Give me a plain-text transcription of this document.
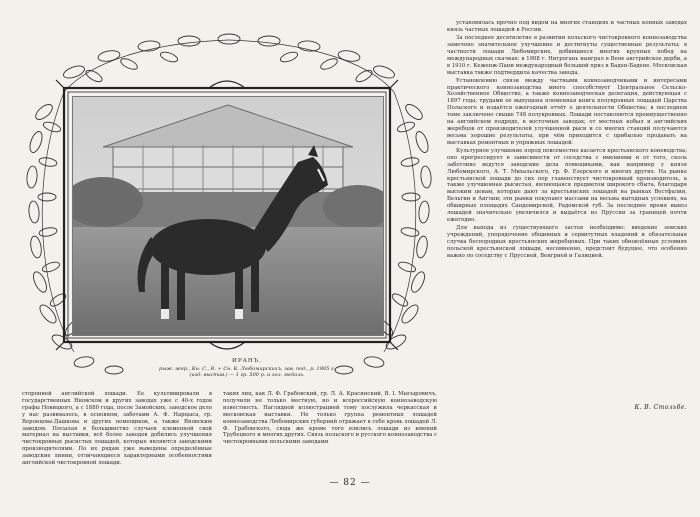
ИРАНЪ,
рыж. жер., Кн. С., В. + Сн. К. Любомирскихъ, зав. под., р. 1905 г.
(изд. выстав.) — 1 гр. 500 р. и зол. медаль.

установилась прочно под видом на многих станциях и частных конных заводах князь частных лошадей в России.

За последнее десятилетие в развитии польского чистокровного коннозаводства замечено значительное улучшение и достигнуты существенные результаты; в частности лошади Любомирских, добившиеся многих крупных побед на международных скачках: в 1908 г. Нитрогань выиграл в Вене австрийское дерби, а в 1910 г. Кеженж-Пани международный большой приз в Баден-Бадене. Московская выставка также подтвердила качества завода.

Установлению связи между частными коннозаводчиками и интересами практического коннозаводства много способствует Центральное Сельско-Хозяйственное Общество, а также коннозаводческая делегация, действующая с 1897 года; трудами ее выпущена племенная книга полукровных лошадей Царства Польского и издаётся ежегодный отчёт о деятельности Общества; в последнем томе заключено свыше 748 полукровных. Лошади поставляются преимущественно на английском подряде, в восточных заводах; от местных кобыл и английских жеребцов от производителей улучшенной рыси и со многих станций получаются весьма хорошие результаты, при чём приходится с прибылью продавать на выставках ремонтных и упряжных лошадей.

Культурное улучшение пород повсеместно касается крестьянского коневодства; оно прогрессирует в зависимости от соседства с имениями и от того, сколь заботливо ведутся заводские дела помещиками, как например у князя Любомирского, А. Т. Михальского, гр. Ф. Езерского и многих других. На рынке крестьянской лошади до сих пор главенствует чистокровный производитель, а также улучшенная рысистая, являющаяся предметом широкого сбыта, благодаря высоким ценам, которые дают за крестьянских лошадей на рынках Вестфалии, Бельгии и Англии; эти рынки покупают массами на весьма выгодных условиях, на обширных площадях Сандомирской, Радомской губ. За последнее время вывоз лошадей значительно увеличился и выдаётся из Пруссии за границей почти ежегодно.

Для выхода из существующего застоя необходимо: введение земских учреждений, упорядочение общинных и сервитутных владений и обязательная случка беспородных крестьянских жеребцовых. При таких обновлённых условиях польской крестьянской лошади, несомненно, предстоит будущее, что особенно важно по соседству с Пруссией, Венгрией и Галицией.

К. В. Стольбе.
сторонней английской лошади. Ее культивировали в государственных Яновском и других заводах уже с 40-х годов графы Новицкого, а с 1880 года, после Замойских, заводское дело у нас развивалось, в основном, заботами А. Ф. Нарцыса, гр. Воронцова-Дашкова и других помещиков, а также Яновским заводом. Посылая в большинство случаев племенной свой материал на выставки, всё более заводов добились улучшения чистокровных рысистых лошадей, которые являются заводскими производителями. По их рядам уже выведены определённые заводские линии, отличающиеся характерными особенностями английской чистокровной лошади.
таких лиц, как Л. Ф. Грабовский, гр. Л. А. Красинский, В. I. Мысыровичъ, получили не только местную, но и всероссийскую коннозаводскую известность. Наглядной иллюстрацией тому послужила черкасская и московская выставки. Не только группа ремонтных лошадей коннозаводства Любомирских губерний отражает в себе кровь лошадей Л. Ф. Грабовского, сюда же кроме того влились лошади из имений Трубецкого и многих других. Связь польского и русского коннозаводства с чистокровными польскими заводами
— 82 —
